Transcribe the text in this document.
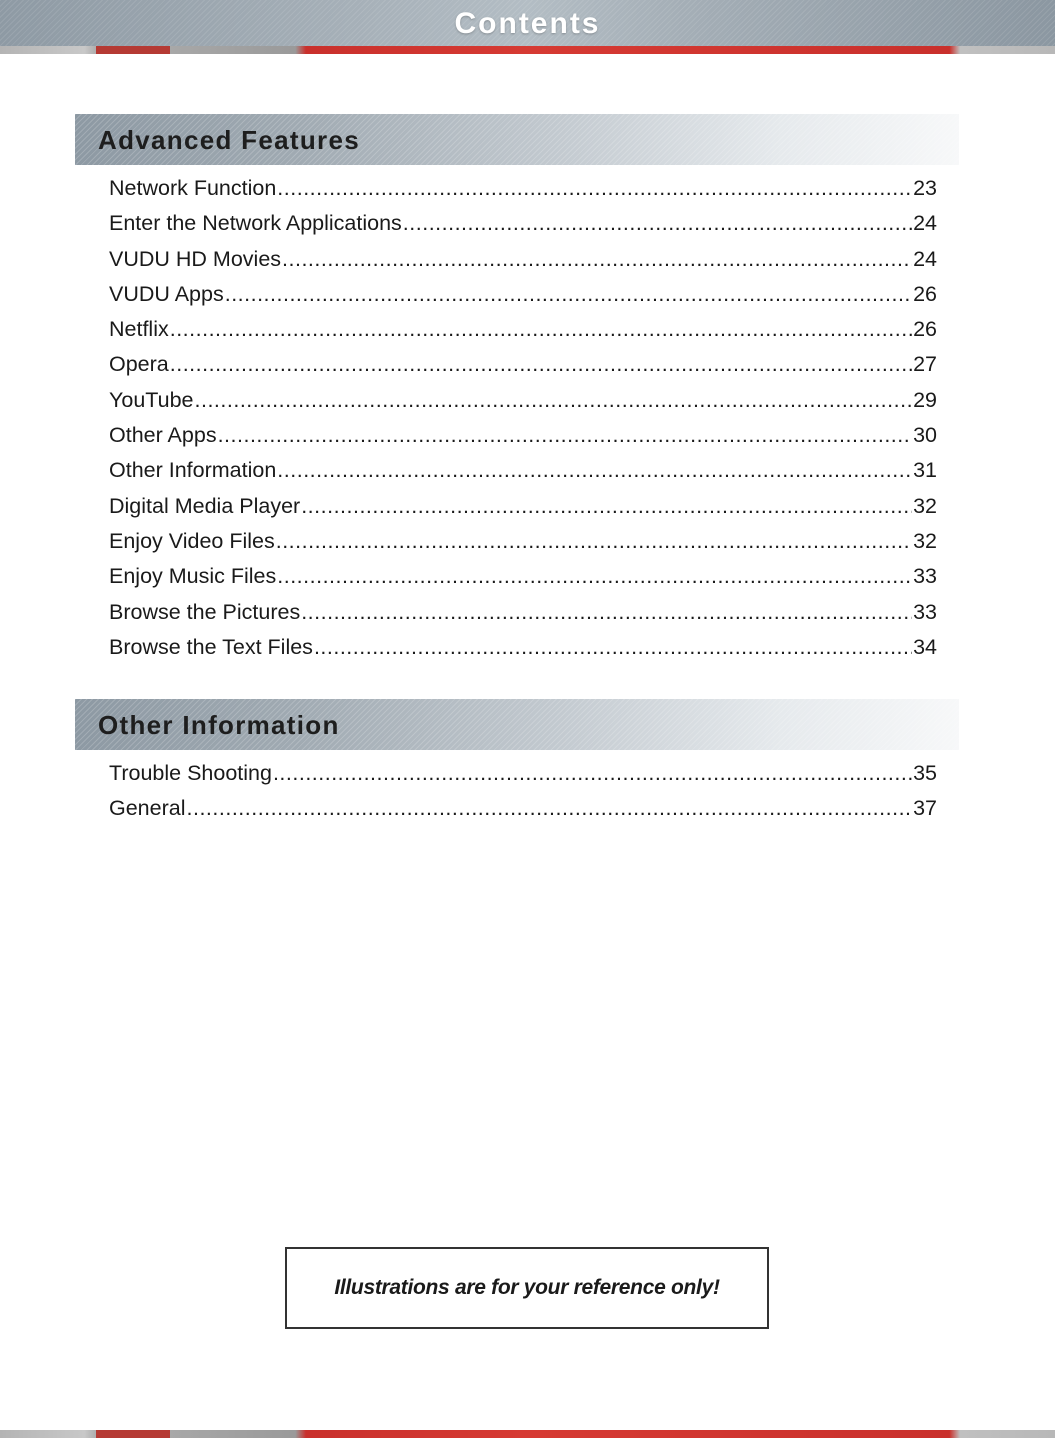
Contents
Advanced Features
Network Function .....	23
Enter the Network Applications .....	24
VUDU HD Movies .....	24
VUDU Apps .....	26
Netflix .....	26
Opera .....	27
YouTube .....	29
Other Apps .....	30
Other Information .....	31
Digital Media Player .....	32
Enjoy Video Files .....	32
Enjoy Music Files .....	33
Browse the Pictures .....	33
Browse the Text Files .....	34
Other Information
Trouble Shooting .....	35
General .....	37
Illustrations are for your reference only!
